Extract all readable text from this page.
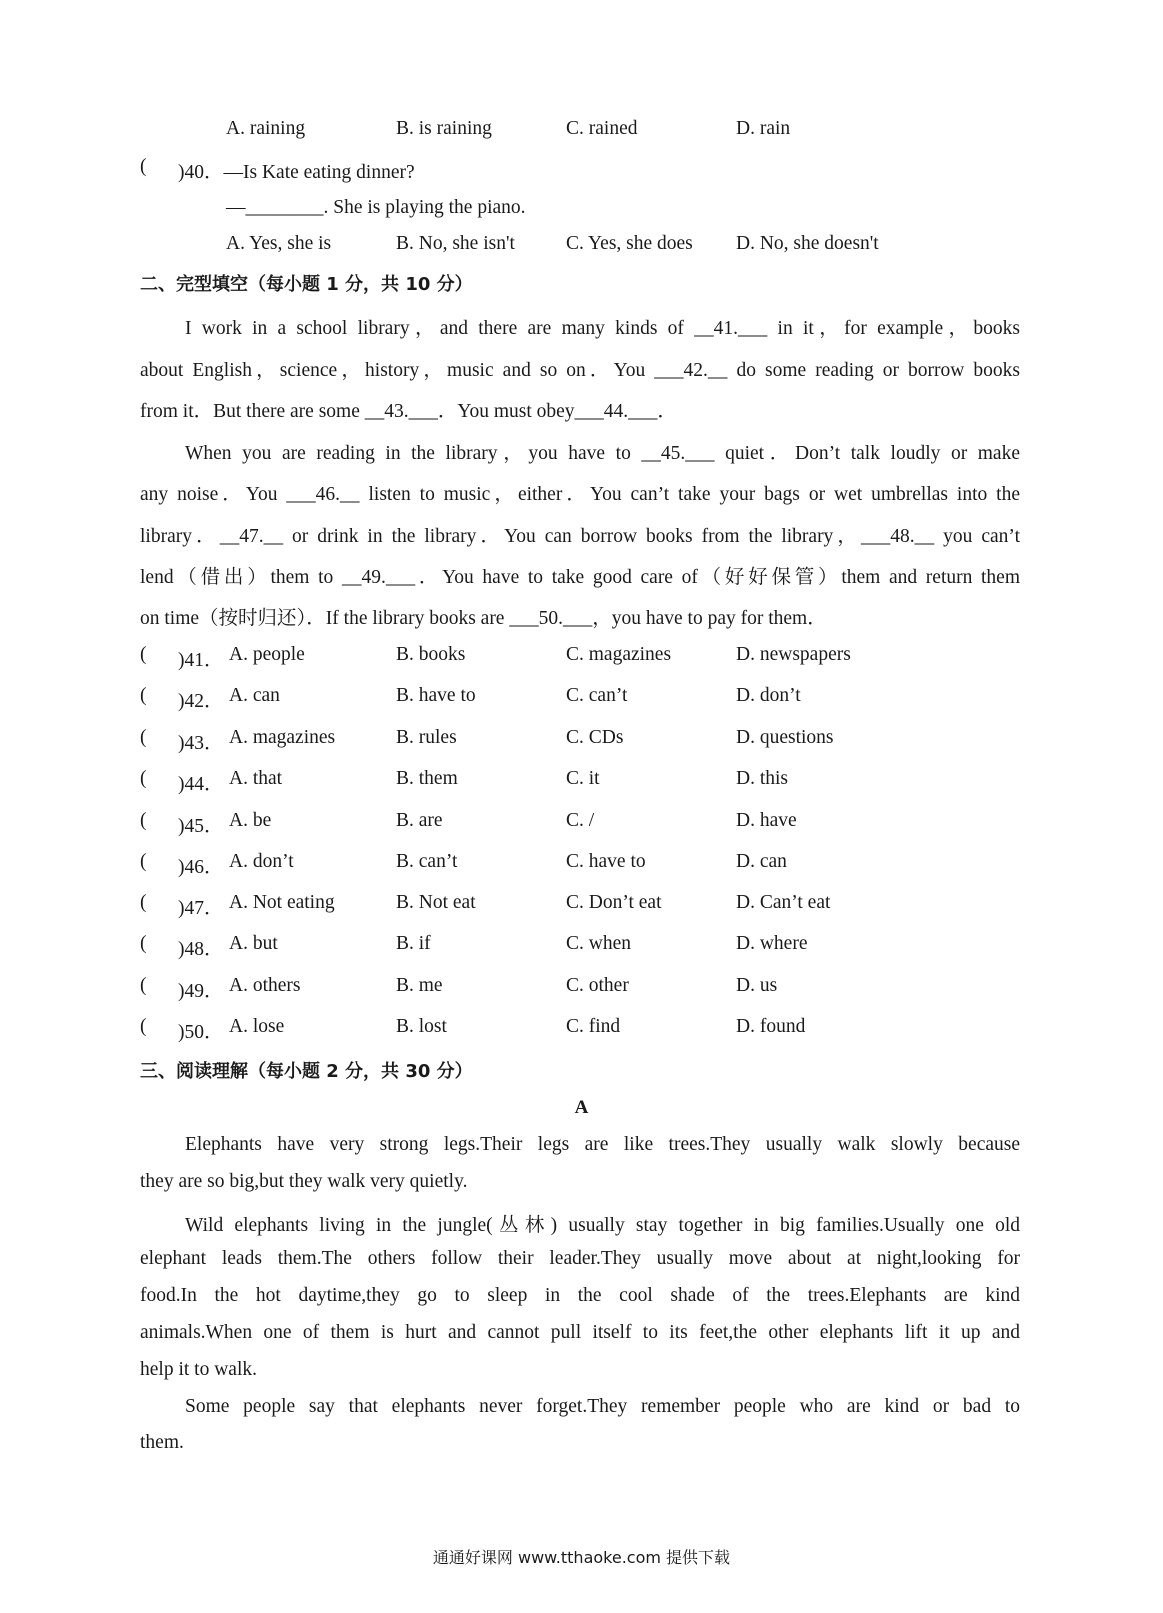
A. raining	B. is raining	C. rained	D. rain
( )40．—Is Kate eating dinner?
—________. She is playing the piano.
A. Yes, she is	B. No, she isn't	C. Yes, she does D. No, she doesn't
二、完型填空（每小题 1 分，共 10 分）
I work in a school library，and there are many kinds of __41.___ in it，for example，books
about English，science，history，music and so on．You ___42.__ do some reading or borrow books
from it．But there are some __43.___．You must obey___44.___．
When you are reading in the library，you have to __45.___ quiet．Don’t talk loudly or make
any noise．You ___46.__ listen to music，either．You can’t take your bags or wet umbrellas into the
library．__47.__ or drink in the library．You can borrow books from the library，___48.__ you can’t
lend（借出）them to __49.___．You have to take good care of（好好保管）them and return them
on time（按时归还）．If the library books are ___50.___，you have to pay for them．
( )41． A. people	B. books	C. magazines	D. newspapers
( )42． A. can	B. have to	C. can’t	D. don’t
( )43． A. magazines	B. rules	C. CDs	D. questions
( )44． A. that	B. them	C. it	D. this
( )45． A. be	B. are	C. /	D. have
( )46． A. don’t	B. can’t	C. have to	D. can
( )47． A. Not eating	B. Not eat	C. Don’t eat	D. Can’t eat
( )48． A. but	B. if	C. when	D. where
( )49． A. others	B. me	C. other	D. us
( )50． A. lose	B. lost	C. find	D. found
三、阅读理解（每小题 2 分，共 30 分）
A
Elephants have very strong legs.Their legs are like trees.They usually walk slowly because
they are so big,but they walk very quietly.
Wild elephants living in the jungle(丛林) usually stay together in big families.Usually one old
elephant leads them.The others follow their leader.They usually move about at night,looking for
food.In the hot daytime,they go to sleep in the cool shade of the trees.Elephants are kind
animals.When one of them is hurt and cannot pull itself to its feet,the other elephants lift it up and
help it to walk.
Some people say that elephants never forget.They remember people who are kind or bad to
them.
通通好课网 www.tthaoke.com 提供下载
